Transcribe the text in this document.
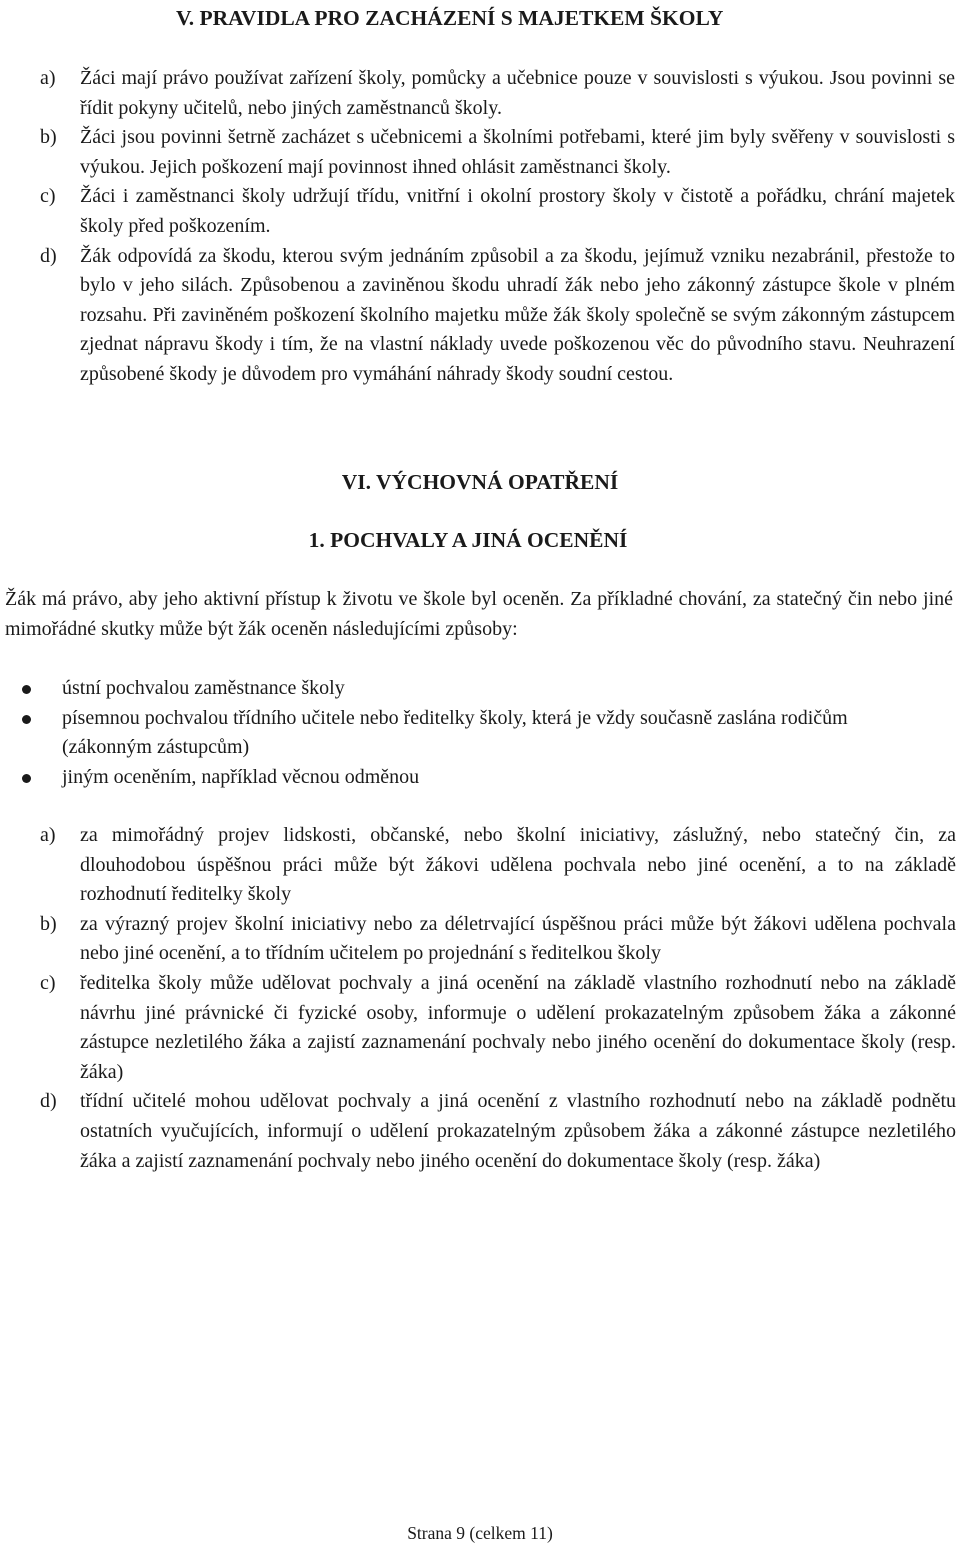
V. PRAVIDLA PRO ZACHÁZENÍ S MAJETKEM ŠKOLY
a) Žáci mají právo používat zařízení školy, pomůcky a učebnice pouze v souvislosti s výukou. Jsou povinni se řídit pokyny učitelů, nebo jiných zaměstnanců školy.
b) Žáci jsou povinni šetrně zacházet s učebnicemi a školními potřebami, které jim byly svěřeny v souvislosti s výukou. Jejich poškození mají povinnost ihned ohlásit zaměstnanci školy.
c) Žáci i zaměstnanci školy udržují třídu, vnitřní i okolní prostory školy v čistotě a pořádku, chrání majetek školy před poškozením.
d) Žák odpovídá za škodu, kterou svým jednáním způsobil a za škodu, jejímuž vzniku nezabránil, přestože to bylo v jeho silách. Způsobenou a zaviněnou škodu uhradí žák nebo jeho zákonný zástupce škole v plném rozsahu. Při zaviněném poškození školního majetku může žák školy společně se svým zákonným zástupcem zjednat nápravu škody i tím, že na vlastní náklady uvede poškozenou věc do původního stavu. Neuhrazení způsobené škody je důvodem pro vymáhání náhrady škody soudní cestou.
VI. VÝCHOVNÁ OPATŘENÍ
1. POCHVALY A JINÁ OCENĚNÍ

Žák má právo, aby jeho aktivní přístup k životu ve škole byl oceněn. Za příkladné chování, za statečný čin nebo jiné mimořádné skutky může být žák oceněn následujícími způsoby:

ústní pochvalou zaměstnance školy
písemnou pochvalou třídního učitele nebo ředitelky školy, která je vždy současně zaslána rodičům (zákonným zástupcům)
jiným oceněním, například věcnou odměnou
a) za mimořádný projev lidskosti, občanské, nebo školní iniciativy, záslužný, nebo statečný čin, za dlouhodobou úspěšnou práci může být žákovi udělena pochvala nebo jiné ocenění, a to na základě rozhodnutí ředitelky školy
b) za výrazný projev školní iniciativy nebo za déletrvající úspěšnou práci může být žákovi udělena pochvala nebo jiné ocenění, a to třídním učitelem po projednání s ředitelkou školy
c) ředitelka školy může udělovat pochvaly a jiná ocenění na základě vlastního rozhodnutí nebo na základě návrhu jiné právnické či fyzické osoby, informuje o udělení prokazatelným způsobem žáka a zákonné zástupce nezletilého žáka a zajistí zaznamenání pochvaly nebo jiného ocenění do dokumentace školy (resp. žáka)
d) třídní učitelé mohou udělovat pochvaly a jiná ocenění z vlastního rozhodnutí nebo na základě podnětu ostatních vyučujících, informují o udělení prokazatelným způsobem žáka a zákonné zástupce nezletilého žáka a zajistí zaznamenání pochvaly nebo jiného ocenění do dokumentace školy (resp. žáka)

Strana 9 (celkem 11)
